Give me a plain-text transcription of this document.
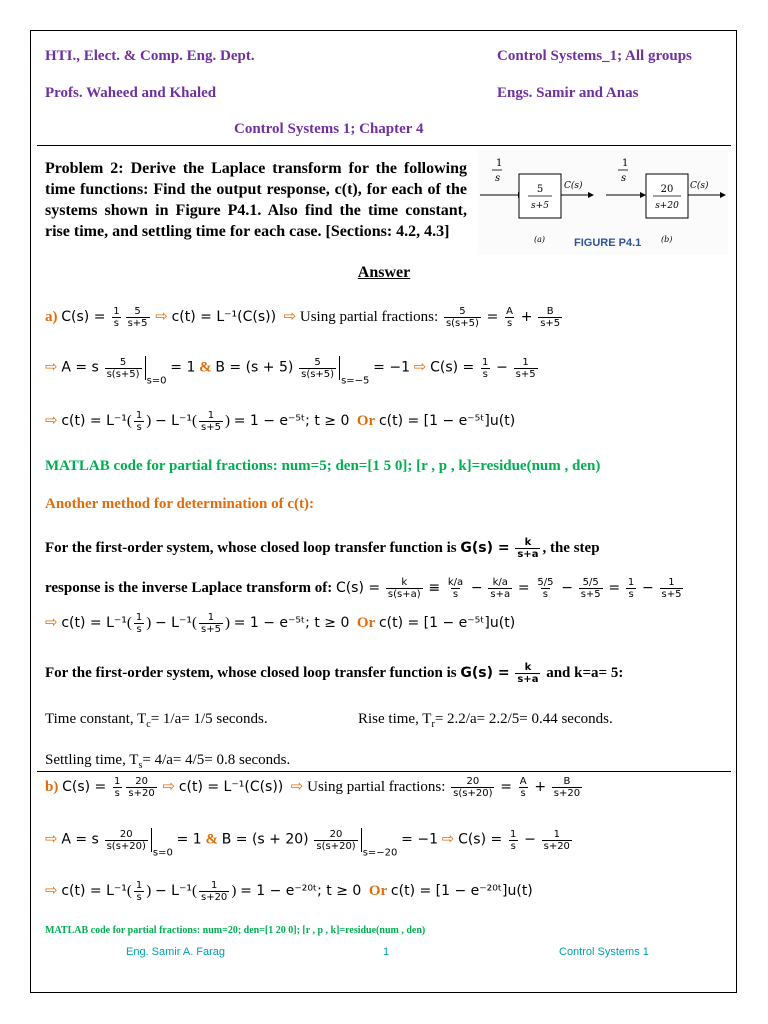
HTI., Elect. & Comp. Eng. Dept.	Control Systems_1; All groups
Profs. Waheed and Khaled	Engs. Samir and Anas
Control Systems 1; Chapter 4
Problem 2: Derive the Laplace transform for the following time functions: Find the output response, c(t), for each of the systems shown in Figure P4.1. Also find the time constant, rise time, and settling time for each case. [Sections: 4.2, 4.3]
1
s
5
s+5
C(s)
(a)
1
s
20
s+20
C(s)
(b)
FIGURE P4.1
Answer
a) $C(s) = \frac{1}{s} \frac{5}{s+5}$ ⇨ c(t) = L⁻¹(C(s)) ⇨ Using partial fractions: $\frac{5}{s(s+5)} = \frac{A}{s} + \frac{B}{s+5}$
⇨ A = s $\frac{5}{s(s+5)}$
$_{s=0}$ = 1 & $B = (s + 5) \frac{5}{s(s+5)}$
$_{s=-5}$ = −1 ⇨ $C(s) = \frac{1}{s} - \frac{1}{s+5}$
⇨ $c(t) = L^{-1}( \frac{1}{s}$ ) − $L^{-1}( \frac{1}{s+5}$ ) = 1 − e⁻⁵ᵗ; t ≥ 0 Or c(t) = [1 − e⁻⁵ᵗ]u(t)
MATLAB code for partial fractions: num=5; den=[1 5 0]; [r , p , k]=residue(num , den)
Another method for determination of c(t):
For the first-order system, whose closed loop transfer function is $G(s) = \frac{k}{s+a}$ , the step
response is the inverse Laplace transform of: $C(s) = \frac{k}{s(s+a)} \equiv \frac{k/a}{s} - \frac{k/a}{s+a} = \frac{5/5}{s} - \frac{5/5}{s+5} = \frac{1}{s} - \frac{1}{s+5}$
⇨ $c(t) = L^{-1}( \frac{1}{s}$ ) − $L^{-1}( \frac{1}{s+5}$ ) = 1 − e⁻⁵ᵗ; t ≥ 0 Or c(t) = [1 − e⁻⁵ᵗ]u(t)
For the first-order system, whose closed loop transfer function is $G(s) = \frac{k}{s+a}$ and k=a= 5:
Time constant, $T_c= 1/a= 1/5$ seconds.	Rise time, $T_r= 2.2/a= 2.2/5= 0.44$ seconds.
Settling time, $T_s= 4/a= 4/5= 0.8$ seconds.
b) $C(s) = \frac{1}{s} \frac{20}{s+20}$ ⇨ c(t) = L⁻¹(C(s)) ⇨ Using partial fractions: $\frac{20}{s(s+20)} = \frac{A}{s} + \frac{B}{s+20}$
⇨ A = s $\frac{20}{s(s+20)}$
$_{s=0}$ = 1 & $B = (s + 20) \frac{20}{s(s+20)}$
$_{s=-20}$ = −1 ⇨ $C(s) = \frac{1}{s} - \frac{1}{s+20}$
⇨ $c(t) = L^{-1}( \frac{1}{s}$ ) − $L^{-1}( \frac{1}{s+20}$ ) = 1 − e⁻²⁰ᵗ; t ≥ 0 Or c(t) = [1 − e⁻²⁰ᵗ]u(t)
MATLAB code for partial fractions: num=20; den=[1 20 0]; [r , p , k]=residue(num , den)
Eng. Samir A. Farag	1	Control Systems 1
